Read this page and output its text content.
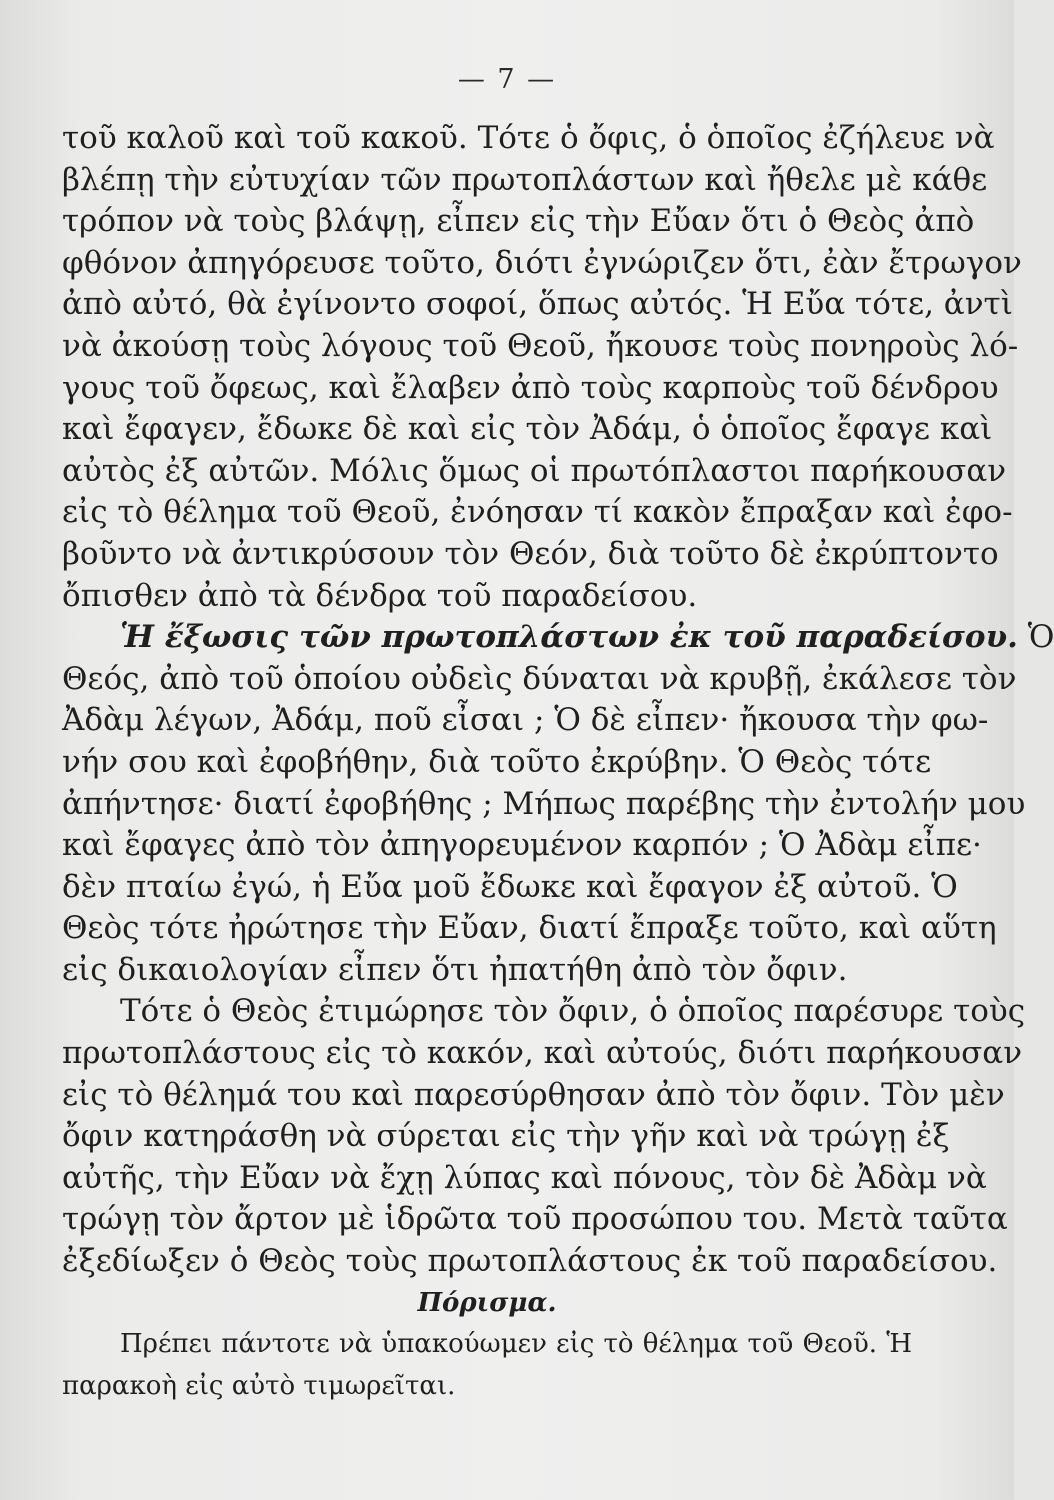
— 7 —
τοῦ καλοῦ καὶ τοῦ κακοῦ. Τότε ὁ ὄφις, ὁ ὁποῖος ἐζήλευε νὰ
βλέπῃ τὴν εὐτυχίαν τῶν πρωτοπλάστων καὶ ἤθελε μὲ κάθε
τρόπον νὰ τοὺς βλάψῃ, εἶπεν εἰς τὴν Εὔαν ὅτι ὁ Θεὸς ἀπὸ
φθόνον ἀπηγόρευσε τοῦτο, διότι ἐγνώριζεν ὅτι, ἐὰν ἔτρωγον
ἀπὸ αὐτό, θὰ ἐγίνοντο σοφοί, ὅπως αὐτός. Ἡ Εὔα τότε, ἀντὶ
νὰ ἀκούσῃ τοὺς λόγους τοῦ Θεοῦ, ἤκουσε τοὺς πονηροὺς λό-
γους τοῦ ὄφεως, καὶ ἔλαβεν ἀπὸ τοὺς καρποὺς τοῦ δένδρου
καὶ ἔφαγεν, ἔδωκε δὲ καὶ εἰς τὸν Ἀδάμ, ὁ ὁποῖος ἔφαγε καὶ
αὐτὸς ἐξ αὐτῶν. Μόλις ὅμως οἱ πρωτόπλαστοι παρήκουσαν
εἰς τὸ θέλημα τοῦ Θεοῦ, ἐνόησαν τί κακὸν ἔπραξαν καὶ ἐφο-
βοῦντο νὰ ἀντικρύσουν τὸν Θεόν, διὰ τοῦτο δὲ ἐκρύπτοντο
ὄπισθεν ἀπὸ τὰ δένδρα τοῦ παραδείσου.
Ἡ ἔξωσις τῶν πρωτοπλάστων ἐκ τοῦ παραδείσου. Ὁ
Θεός, ἀπὸ τοῦ ὁποίου οὐδεὶς δύναται νὰ κρυβῇ, ἐκάλεσε τὸν
Ἀδὰμ λέγων, Ἀδάμ, ποῦ εἶσαι ; Ὁ δὲ εἶπεν· ἤκουσα τὴν φω-
νήν σου καὶ ἐφοβήθην, διὰ τοῦτο ἐκρύβην. Ὁ Θεὸς τότε
ἀπήντησε· διατί ἐφοβήθης ; Μήπως παρέβης τὴν ἐντολήν μου
καὶ ἔφαγες ἀπὸ τὸν ἀπηγορευμένον καρπόν ; Ὁ Ἀδὰμ εἶπε·
δὲν πταίω ἐγώ, ἡ Εὔα μοῦ ἔδωκε καὶ ἔφαγον ἐξ αὐτοῦ. Ὁ
Θεὸς τότε ἠρώτησε τὴν Εὔαν, διατί ἔπραξε τοῦτο, καὶ αὕτη
εἰς δικαιολογίαν εἶπεν ὅτι ἠπατήθη ἀπὸ τὸν ὄφιν.
Τότε ὁ Θεὸς ἐτιμώρησε τὸν ὄφιν, ὁ ὁποῖος παρέσυρε τοὺς
πρωτοπλάστους εἰς τὸ κακόν, καὶ αὐτούς, διότι παρήκουσαν
εἰς τὸ θέλημά του καὶ παρεσύρθησαν ἀπὸ τὸν ὄφιν. Τὸν μὲν
ὄφιν κατηράσθη νὰ σύρεται εἰς τὴν γῆν καὶ νὰ τρώγῃ ἐξ
αὐτῆς, τὴν Εὔαν νὰ ἔχῃ λύπας καὶ πόνους, τὸν δὲ Ἀδὰμ νὰ
τρώγῃ τὸν ἄρτον μὲ ἱδρῶτα τοῦ προσώπου του. Μετὰ ταῦτα
ἐξεδίωξεν ὁ Θεὸς τοὺς πρωτοπλάστους ἐκ τοῦ παραδείσου.
Πόρισμα.
Πρέπει πάντοτε νὰ ὑπακούωμεν εἰς τὸ θέλημα τοῦ Θεοῦ. Ἡ
παρακοὴ εἰς αὐτὸ τιμωρεῖται.
